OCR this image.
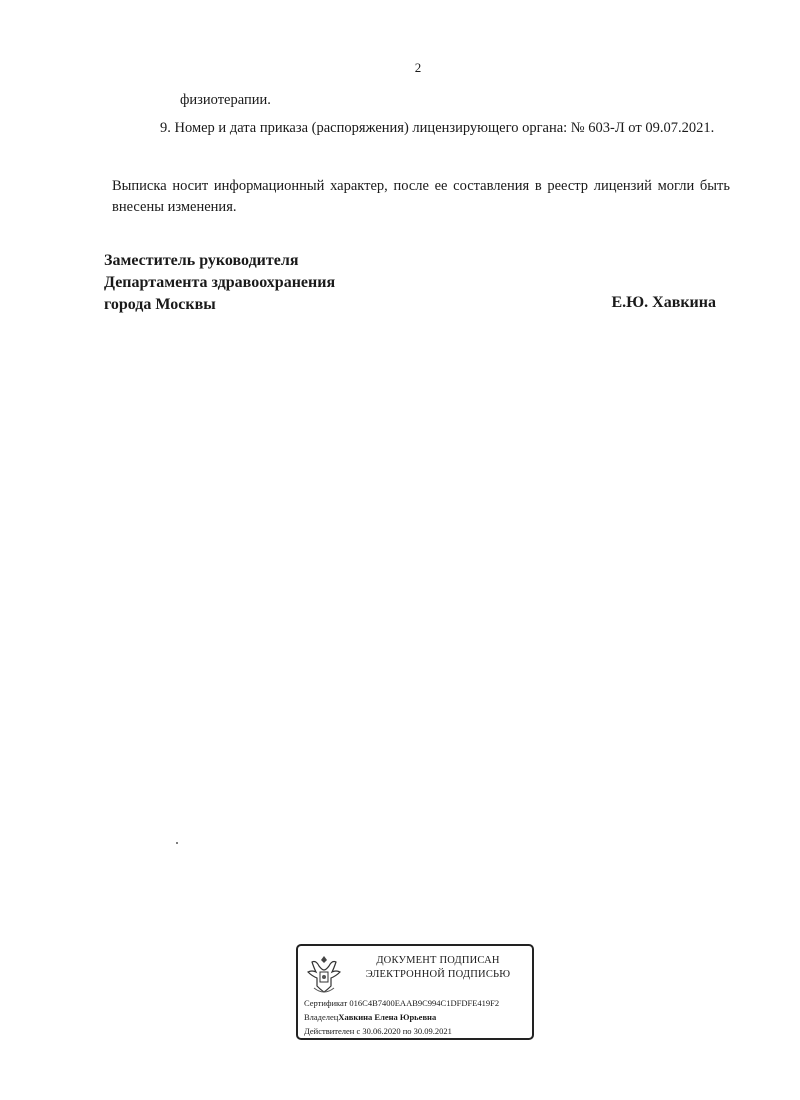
2
физиотерапии.
9. Номер и дата приказа (распоряжения) лицензирующего органа: № 603-Л от 09.07.2021.
Выписка носит информационный характер, после ее составления в реестр лицензий могли быть внесены изменения.
Заместитель руководителя
Департамента здравоохранения
города Москвы	Е.Ю. Хавкина
ДОКУМЕНТ ПОДПИСАН
ЭЛЕКТРОННОЙ ПОДПИСЬЮ
Сертификат 016C4B7400EAAB9C994C1DFDFE419F2
ВладелецХавкина Елена Юрьевна
Действителен с 30.06.2020 по 30.09.2021
